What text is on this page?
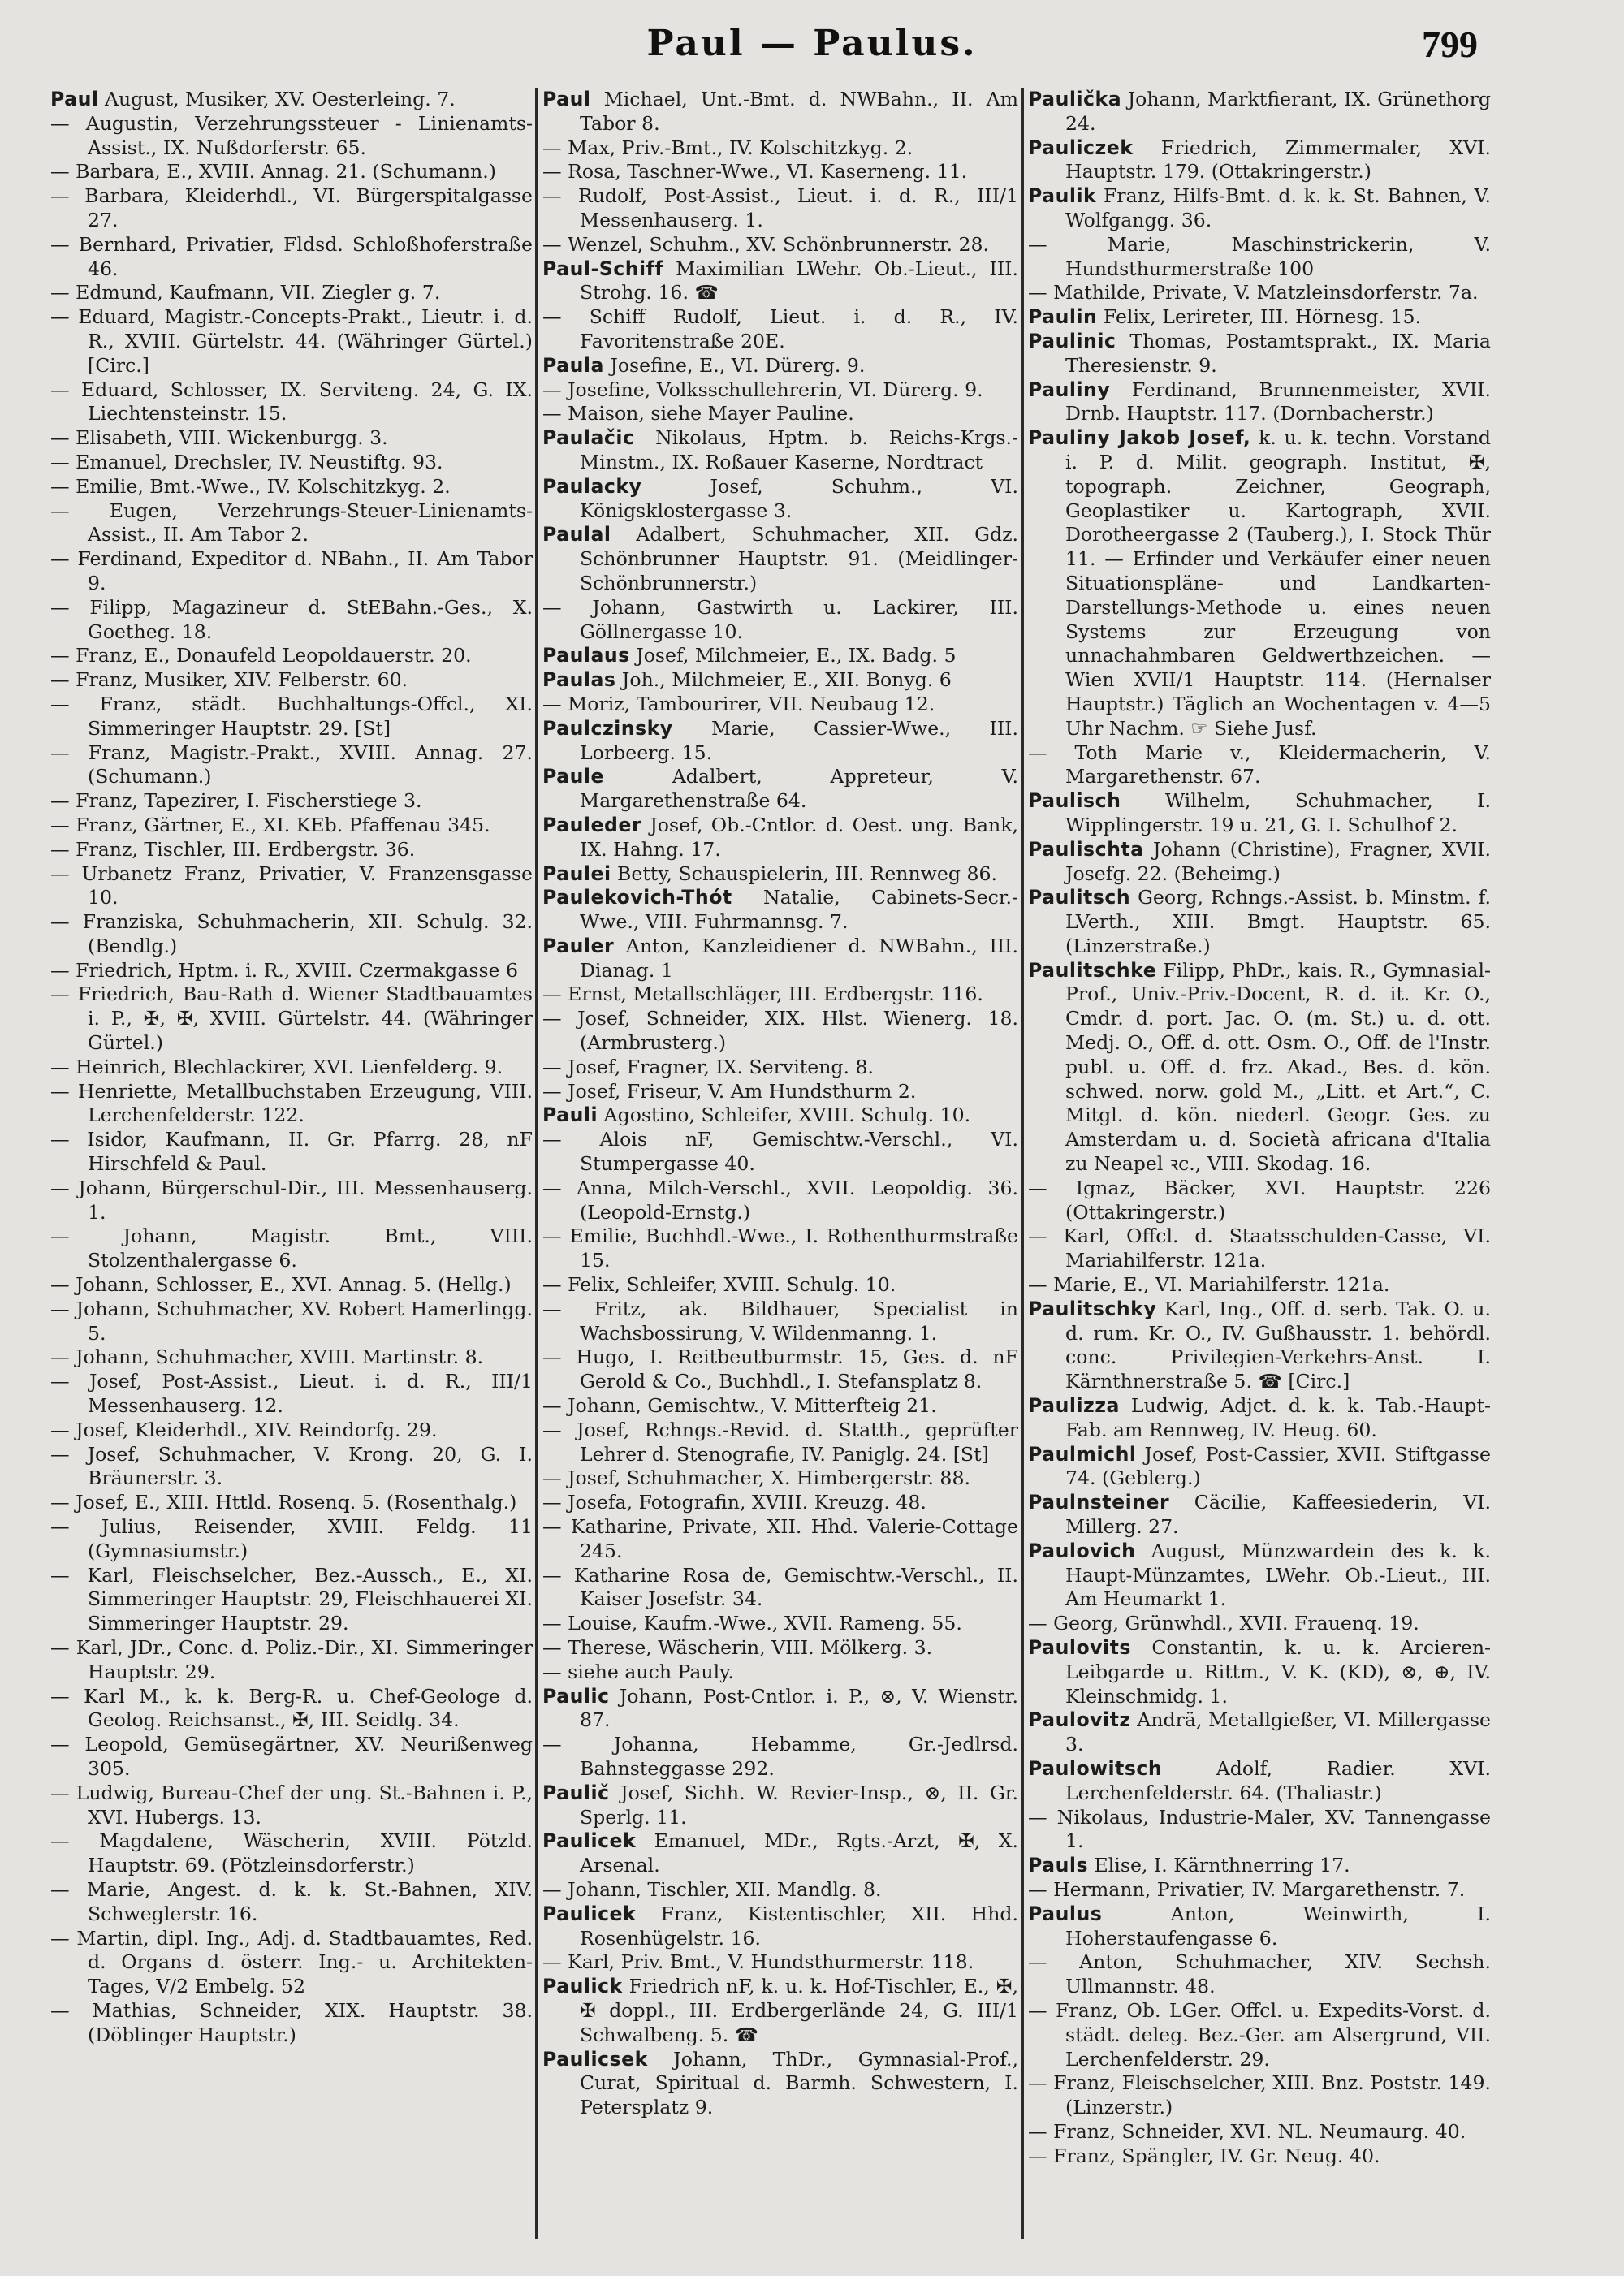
Paul — Paulus.	799

Paul August, Musiker, XV. Oesterleing. 7.

— Augustin, Verzehrungssteuer - Linienamts-Assist., IX. Nußdorferstr. 65.

— Barbara, E., XVIII. Annag. 21. (Schumann.)

— Barbara, Kleiderhdl., VI. Bürgerspitalgasse 27.

— Bernhard, Privatier, Fldsd. Schloßhoferstraße 46.

— Edmund, Kaufmann, VII. Ziegler g. 7.

— Eduard, Magistr.-Concepts-Prakt., Lieutr. i. d. R., XVIII. Gürtelstr. 44. (Währinger Gürtel.) [Circ.]

— Eduard, Schlosser, IX. Serviteng. 24, G. IX. Liechtensteinstr. 15.

— Elisabeth, VIII. Wickenburgg. 3.

— Emanuel, Drechsler, IV. Neustiftg. 93.

— Emilie, Bmt.-Wwe., IV. Kolschitzkyg. 2.

— Eugen, Verzehrungs-Steuer-Linienamts-Assist., II. Am Tabor 2.

— Ferdinand, Expeditor d. NBahn., II. Am Tabor 9.

— Filipp, Magazineur d. StEBahn.-Ges., X. Goetheg. 18.

— Franz, E., Donaufeld Leopoldauerstr. 20.

— Franz, Musiker, XIV. Felberstr. 60.

— Franz, städt. Buchhaltungs-Offcl., XI. Simmeringer Hauptstr. 29. [St]

— Franz, Magistr.-Prakt., XVIII. Annag. 27. (Schumann.)

— Franz, Tapezirer, I. Fischerstiege 3.

— Franz, Gärtner, E., XI. KEb. Pfaffenau 345.

— Franz, Tischler, III. Erdbergstr. 36.

— Urbanetz Franz, Privatier, V. Franzensgasse 10.

— Franziska, Schuhmacherin, XII. Schulg. 32. (Bendlg.)

— Friedrich, Hptm. i. R., XVIII. Czermakgasse 6

— Friedrich, Bau-Rath d. Wiener Stadtbauamtes i. P., ✠, ✠, XVIII. Gürtelstr. 44. (Währinger Gürtel.)

— Heinrich, Blechlackirer, XVI. Lienfelderg. 9.

— Henriette, Metallbuchstaben Erzeugung, VIII. Lerchenfelderstr. 122.

— Isidor, Kaufmann, II. Gr. Pfarrg. 28, nF Hirschfeld & Paul.

— Johann, Bürgerschul-Dir., III. Messenhauserg. 1.

— Johann, Magistr. Bmt., VIII. Stolzenthalergasse 6.

— Johann, Schlosser, E., XVI. Annag. 5. (Hellg.)

— Johann, Schuhmacher, XV. Robert Hamerlingg. 5.

— Johann, Schuhmacher, XVIII. Martinstr. 8.

— Josef, Post-Assist., Lieut. i. d. R., III/1 Messenhauserg. 12.

— Josef, Kleiderhdl., XIV. Reindorfg. 29.

— Josef, Schuhmacher, V. Krong. 20, G. I. Bräunerstr. 3.

— Josef, E., XIII. Httld. Rosenq. 5. (Rosenthalg.)

— Julius, Reisender, XVIII. Feldg. 11 (Gymnasiumstr.)

— Karl, Fleischselcher, Bez.-Aussch., E., XI. Simmeringer Hauptstr. 29, Fleischhauerei XI. Simmeringer Hauptstr. 29.

— Karl, JDr., Conc. d. Poliz.-Dir., XI. Simmeringer Hauptstr. 29.

— Karl M., k. k. Berg-R. u. Chef-Geologe d. Geolog. Reichsanst., ✠, III. Seidlg. 34.

— Leopold, Gemüsegärtner, XV. Neurißenweg 305.

— Ludwig, Bureau-Chef der ung. St.-Bahnen i. P., XVI. Hubergs. 13.

— Magdalene, Wäscherin, XVIII. Pötzld. Hauptstr. 69. (Pötzleinsdorferstr.)

— Marie, Angest. d. k. k. St.-Bahnen, XIV. Schweglerstr. 16.

— Martin, dipl. Ing., Adj. d. Stadtbauamtes, Red. d. Organs d. österr. Ing.- u. Architekten-Tages, V/2 Embelg. 52

— Mathias, Schneider, XIX. Hauptstr. 38. (Döblinger Hauptstr.)

Paul Michael, Unt.-Bmt. d. NWBahn., II. Am Tabor 8.

— Max, Priv.-Bmt., IV. Kolschitzkyg. 2.

— Rosa, Taschner-Wwe., VI. Kaserneng. 11.

— Rudolf, Post-Assist., Lieut. i. d. R., III/1 Messenhauserg. 1.

— Wenzel, Schuhm., XV. Schönbrunnerstr. 28.

Paul-Schiff Maximilian LWehr. Ob.-Lieut., III. Strohg. 16. ☎

— Schiff Rudolf, Lieut. i. d. R., IV. Favoritenstraße 20E.

Paula Josefine, E., VI. Dürerg. 9.

— Josefine, Volksschullehrerin, VI. Dürerg. 9.

— Maison, siehe Mayer Pauline.

Paulačic Nikolaus, Hptm. b. Reichs-Krgs.-Minstm., IX. Roßauer Kaserne, Nordtract

Paulacky Josef, Schuhm., VI. Königsklostergasse 3.

Paulal Adalbert, Schuhmacher, XII. Gdz. Schönbrunner Hauptstr. 91. (Meidlinger-Schönbrunnerstr.)

— Johann, Gastwirth u. Lackirer, III. Göllnergasse 10.

Paulaus Josef, Milchmeier, E., IX. Badg. 5

Paulas Joh., Milchmeier, E., XII. Bonyg. 6

— Moriz, Tambourirer, VII. Neubaug 12.

Paulczinsky Marie, Cassier-Wwe., III. Lorbeerg. 15.

Paule Adalbert, Appreteur, V. Margarethenstraße 64.

Pauleder Josef, Ob.-Cntlor. d. Oest. ung. Bank, IX. Hahng. 17.

Paulei Betty, Schauspielerin, III. Rennweg 86.

Paulekovich-Thót Natalie, Cabinets-Secr.-Wwe., VIII. Fuhrmannsg. 7.

Pauler Anton, Kanzleidiener d. NWBahn., III. Dianag. 1

— Ernst, Metallschläger, III. Erdbergstr. 116.

— Josef, Schneider, XIX. Hlst. Wienerg. 18. (Armbrusterg.)

— Josef, Fragner, IX. Serviteng. 8.

— Josef, Friseur, V. Am Hundsthurm 2.

Pauli Agostino, Schleifer, XVIII. Schulg. 10.

— Alois nF, Gemischtw.-Verschl., VI. Stumpergasse 40.

— Anna, Milch-Verschl., XVII. Leopoldig. 36. (Leopold-Ernstg.)

— Emilie, Buchhdl.-Wwe., I. Rothenthurmstraße 15.

— Felix, Schleifer, XVIII. Schulg. 10.

— Fritz, ak. Bildhauer, Specialist in Wachsbossirung, V. Wildenmanng. 1.

— Hugo, I. Reitbeutburmstr. 15, Ges. d. nF Gerold & Co., Buchhdl., I. Stefansplatz 8.

— Johann, Gemischtw., V. Mitterfteig 21.

— Josef, Rchngs.-Revid. d. Statth., geprüfter Lehrer d. Stenografie, IV. Paniglg. 24. [St]

— Josef, Schuhmacher, X. Himbergerstr. 88.

— Josefa, Fotografin, XVIII. Kreuzg. 48.

— Katharine, Private, XII. Hhd. Valerie-Cottage 245.

— Katharine Rosa de, Gemischtw.-Verschl., II. Kaiser Josefstr. 34.

— Louise, Kaufm.-Wwe., XVII. Rameng. 55.

— Therese, Wäscherin, VIII. Mölkerg. 3.

— siehe auch Pauly.

Paulic Johann, Post-Cntlor. i. P., ⊗, V. Wienstr. 87.

— Johanna, Hebamme, Gr.-Jedlrsd. Bahnsteggasse 292.

Paulič Josef, Sichh. W. Revier-Insp., ⊗, II. Gr. Sperlg. 11.

Paulicek Emanuel, MDr., Rgts.-Arzt, ✠, X. Arsenal.

— Johann, Tischler, XII. Mandlg. 8.

Paulicek Franz, Kistentischler, XII. Hhd. Rosenhügelstr. 16.

— Karl, Priv. Bmt., V. Hundsthurmerstr. 118.

Paulick Friedrich nF, k. u. k. Hof-Tischler, E., ✠, ✠ doppl., III. Erdbergerlände 24, G. III/1 Schwalbeng. 5. ☎

Paulicsek Johann, ThDr., Gymnasial-Prof., Curat, Spiritual d. Barmh. Schwestern, I. Petersplatz 9.

Paulička Johann, Marktfierant, IX. Grünethorg 24.

Pauliczek Friedrich, Zimmermaler, XVI. Hauptstr. 179. (Ottakringerstr.)

Paulik Franz, Hilfs-Bmt. d. k. k. St. Bahnen, V. Wolfgangg. 36.

— Marie, Maschinstrickerin, V. Hundsthurmerstraße 100

— Mathilde, Private, V. Matzleinsdorferstr. 7a.

Paulin Felix, Lerireter, III. Hörnesg. 15.

Paulinic Thomas, Postamtsprakt., IX. Maria Theresienstr. 9.

Pauliny Ferdinand, Brunnenmeister, XVII. Drnb. Hauptstr. 117. (Dornbacherstr.)

Pauliny Jakob Josef, k. u. k. techn. Vorstand i. P. d. Milit. geograph. Institut, ✠, topograph. Zeichner, Geograph, Geoplastiker u. Kartograph, XVII. Dorotheergasse 2 (Tauberg.), I. Stock Thür 11. — Erfinder und Verkäufer einer neuen Situationspläne- und Landkarten-Darstellungs-Methode u. eines neuen Systems zur Erzeugung von unnachahmbaren Geldwerthzeichen. — Wien XVII/1 Hauptstr. 114. (Hernalser Hauptstr.) Täglich an Wochentagen v. 4—5 Uhr Nachm. ☞ Siehe Jusf.

— Toth Marie v., Kleidermacherin, V. Margarethenstr. 67.

Paulisch Wilhelm, Schuhmacher, I. Wipplingerstr. 19 u. 21, G. I. Schulhof 2.

Paulischta Johann (Christine), Fragner, XVII. Josefg. 22. (Beheimg.)

Paulitsch Georg, Rchngs.-Assist. b. Minstm. f. LVerth., XIII. Bmgt. Hauptstr. 65. (Linzerstraße.)

Paulitschke Filipp, PhDr., kais. R., Gymnasial-Prof., Univ.-Priv.-Docent, R. d. it. Kr. O., Cmdr. d. port. Jac. O. (m. St.) u. d. ott. Medj. O., Off. d. ott. Osm. O., Off. de l'Instr. publ. u. Off. d. frz. Akad., Bes. d. kön. schwed. norw. gold M., „Litt. et Art.“, C. Mitgl. d. kön. niederl. Geogr. Ges. zu Amsterdam u. d. Società africana d'Italia zu Neapel ꝛc., VIII. Skodag. 16.

— Ignaz, Bäcker, XVI. Hauptstr. 226 (Ottakringerstr.)

— Karl, Offcl. d. Staatsschulden-Casse, VI. Mariahilferstr. 121a.

— Marie, E., VI. Mariahilferstr. 121a.

Paulitschky Karl, Ing., Off. d. serb. Tak. O. u. d. rum. Kr. O., IV. Gußhausstr. 1. behördl. conc. Privilegien-Verkehrs-Anst. I. Kärnthnerstraße 5. ☎ [Circ.]

Paulizza Ludwig, Adjct. d. k. k. Tab.-Haupt-Fab. am Rennweg, IV. Heug. 60.

Paulmichl Josef, Post-Cassier, XVII. Stiftgasse 74. (Geblerg.)

Paulnsteiner Cäcilie, Kaffeesiederin, VI. Millerg. 27.

Paulovich August, Münzwardein des k. k. Haupt-Münzamtes, LWehr. Ob.-Lieut., III. Am Heumarkt 1.

— Georg, Grünwhdl., XVII. Frauenq. 19.

Paulovits Constantin, k. u. k. Arcieren-Leibgarde u. Rittm., V. K. (KD), ⊗, ⊕, IV. Kleinschmidg. 1.

Paulovitz Andrä, Metallgießer, VI. Millergasse 3.

Paulowitsch Adolf, Radier. XVI. Lerchenfelderstr. 64. (Thaliastr.)

— Nikolaus, Industrie-Maler, XV. Tannengasse 1.

Pauls Elise, I. Kärnthnerring 17.

— Hermann, Privatier, IV. Margarethenstr. 7.

Paulus Anton, Weinwirth, I. Hoherstaufengasse 6.

— Anton, Schuhmacher, XIV. Sechsh. Ullmannstr. 48.

— Franz, Ob. LGer. Offcl. u. Expedits-Vorst. d. städt. deleg. Bez.-Ger. am Alsergrund, VII. Lerchenfelderstr. 29.

— Franz, Fleischselcher, XIII. Bnz. Poststr. 149. (Linzerstr.)

— Franz, Schneider, XVI. NL. Neumaurg. 40.

— Franz, Spängler, IV. Gr. Neug. 40.
